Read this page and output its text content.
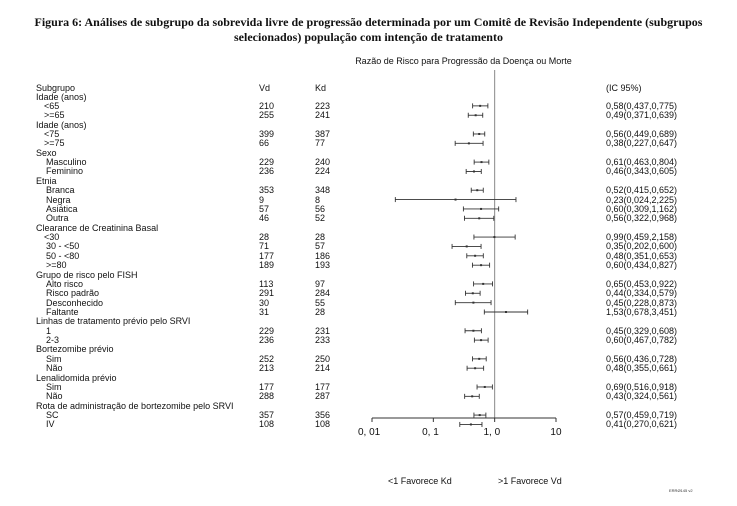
Figura 6: Análises de subgrupo da sobrevida livre de progressão determinada por um Comitê de Revisão Independente (subgrupos
selecionados) população com intenção de tratamento
Razão de Risco para Progressão da Doença ou Morte
Subgrupo	Vd	Kd	(IC 95%)
Idade (anos)
<65	210	223	0,58(0,437,0,775)
>=65	255	241	0,49(0,371,0,639)
Idade (anos)
<75	399	387	0,56(0,449,0,689)
>=75	66	77	0,38(0,227,0,647)
Sexo
Masculino	229	240	0,61(0,463,0,804)
Feminino	236	224	0,46(0,343,0,605)
Etnia
Branca	353	348	0,52(0,415,0,652)
Negra	9	8	0,23(0,024,2,225)
Asiática	57	56	0,60(0,309,1,162)
Outra	46	52	0,56(0,322,0,968)
Clearance de Creatinina Basal
<30	28	28	0,99(0,459,2,158)
30 - <50	71	57	0,35(0,202,0,600)
50 - <80	177	186	0,48(0,351,0,653)
>=80	189	193	0,60(0,434,0,827)
Grupo de risco pelo FISH
Alto risco	113	97	0,65(0,453,0,922)
Risco padrão	291	284	0,44(0,334,0,579)
Desconhecido	30	55	0,45(0,228,0,873)
Faltante	31	28	1,53(0,678,3,451)
Linhas de tratamento prévio pelo SRVI
1	229	231	0,45(0,329,0,608)
2-3	236	233	0,60(0,467,0,782)
Bortezomibe prévio
Sim	252	250	0,56(0,436,0,728)
Não	213	214	0,48(0,355,0,661)
Lenalidomida prévio
Sim	177	177	0,69(0,516,0,918)
Não	288	287	0,43(0,324,0,561)
Rota de administração de bortezomibe pelo SRVI
SC	357	356	0,57(0,459,0,719)
IV	108	108	0,41(0,270,0,621)
0, 01	0, 1	1, 0	10
<1 Favorece Kd	>1 Favorece Vd
ERRØ145 v2
